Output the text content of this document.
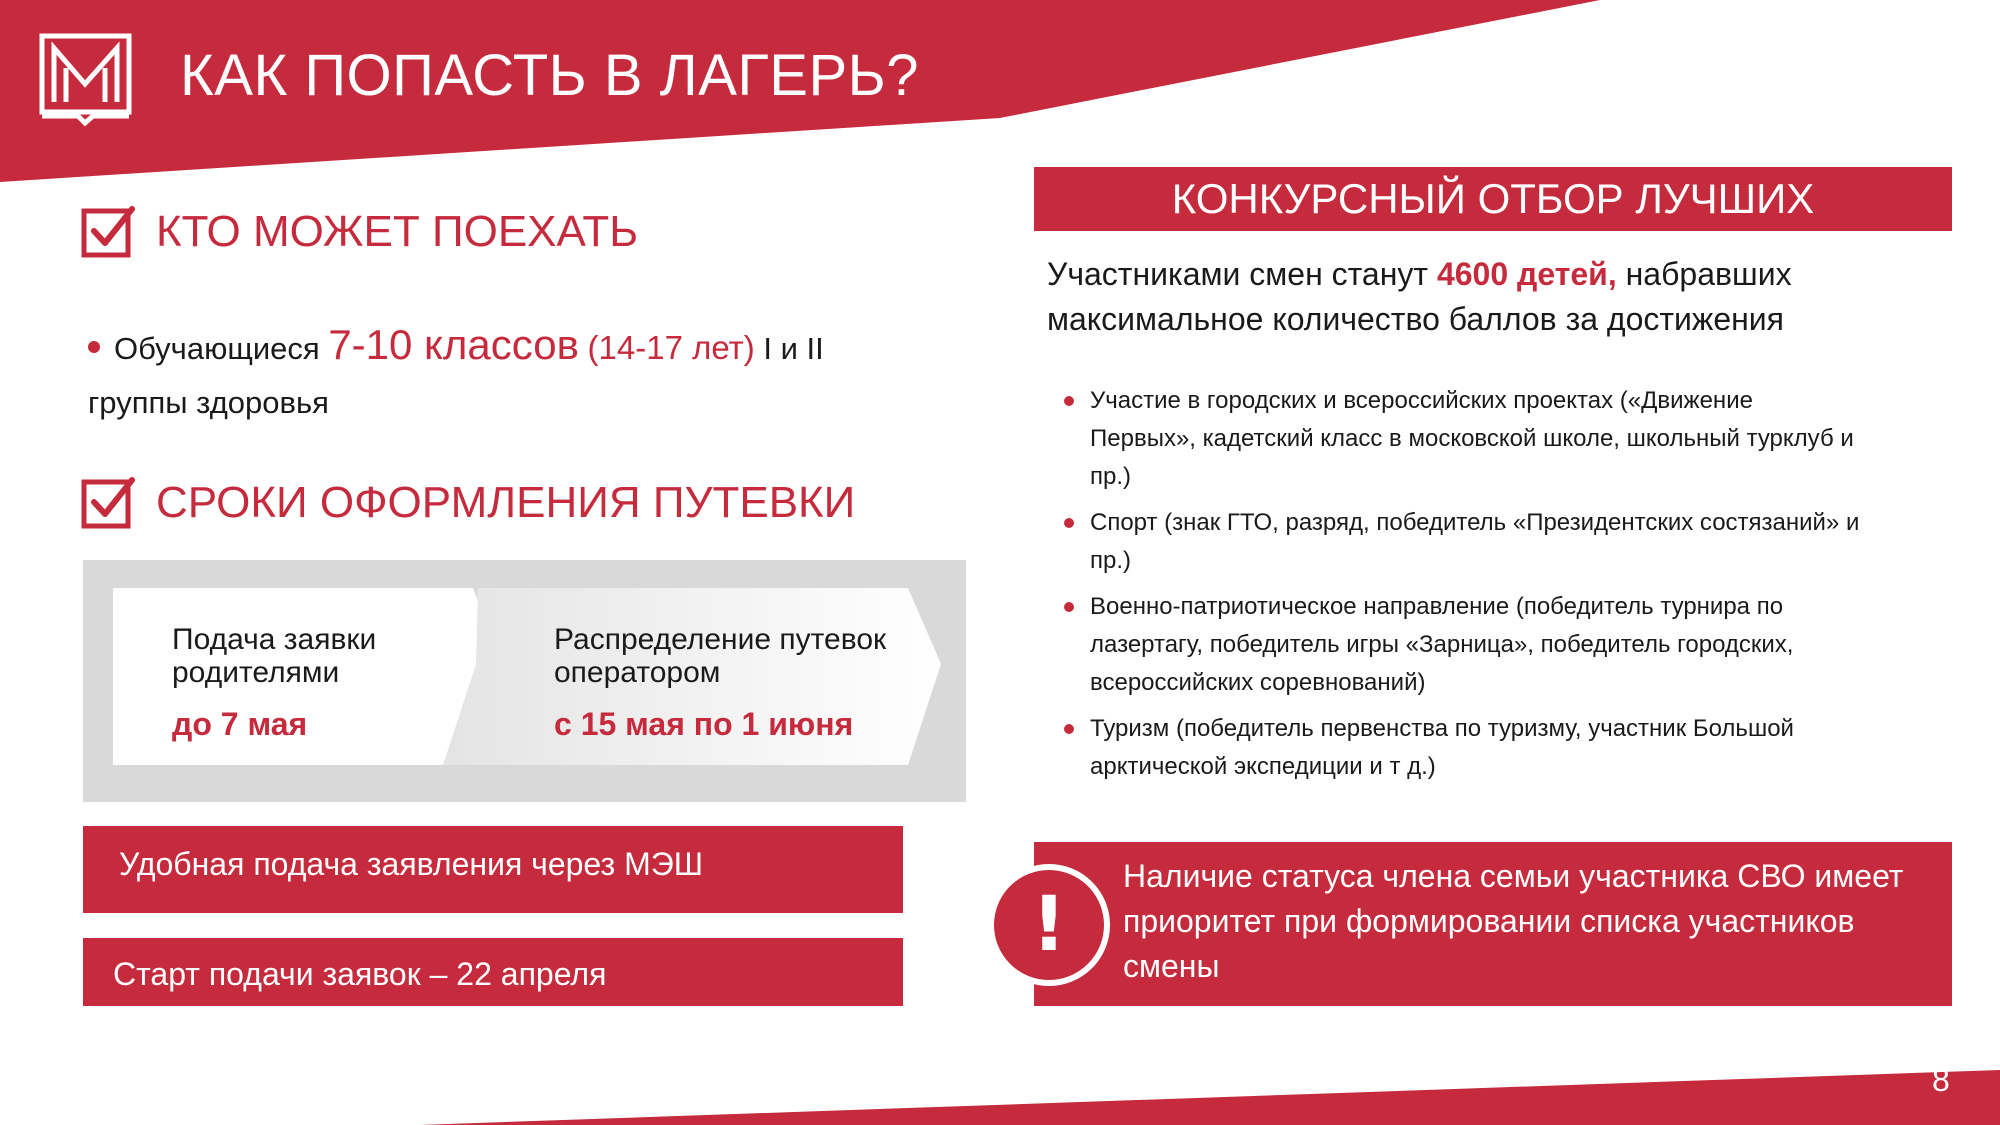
КАК ПОПАСТЬ В ЛАГЕРЬ?
КТО МОЖЕТ ПОЕХАТЬ
Обучающиеся 7-10 классов (14-17 лет) I и II
группы здоровья
СРОКИ ОФОРМЛЕНИЯ ПУТЕВКИ
Подача заявки
родителями
до 7 мая
Распределение путевок
оператором
с 15 мая по 1 июня
Удобная подача заявления через МЭШ
Старт подачи заявок – 22 апреля
КОНКУРСНЫЙ ОТБОР ЛУЧШИХ
Участниками смен станут 4600 детей, набравших максимальное количество баллов за достижения
Участие в городских и всероссийских проектах («Движение Первых», кадетский класс в московской школе, школьный турклуб и пр.)
Спорт (знак ГТО, разряд, победитель «Президентских состязаний» и пр.)
Военно-патриотическое направление (победитель турнира по лазертагу, победитель игры «Зарница», победитель городских, всероссийских соревнований)
Туризм (победитель первенства по туризму, участник Большой арктической экспедиции и т д.)
!
Наличие статуса члена семьи участника СВО имеет приоритет при формировании списка участников смены
8
